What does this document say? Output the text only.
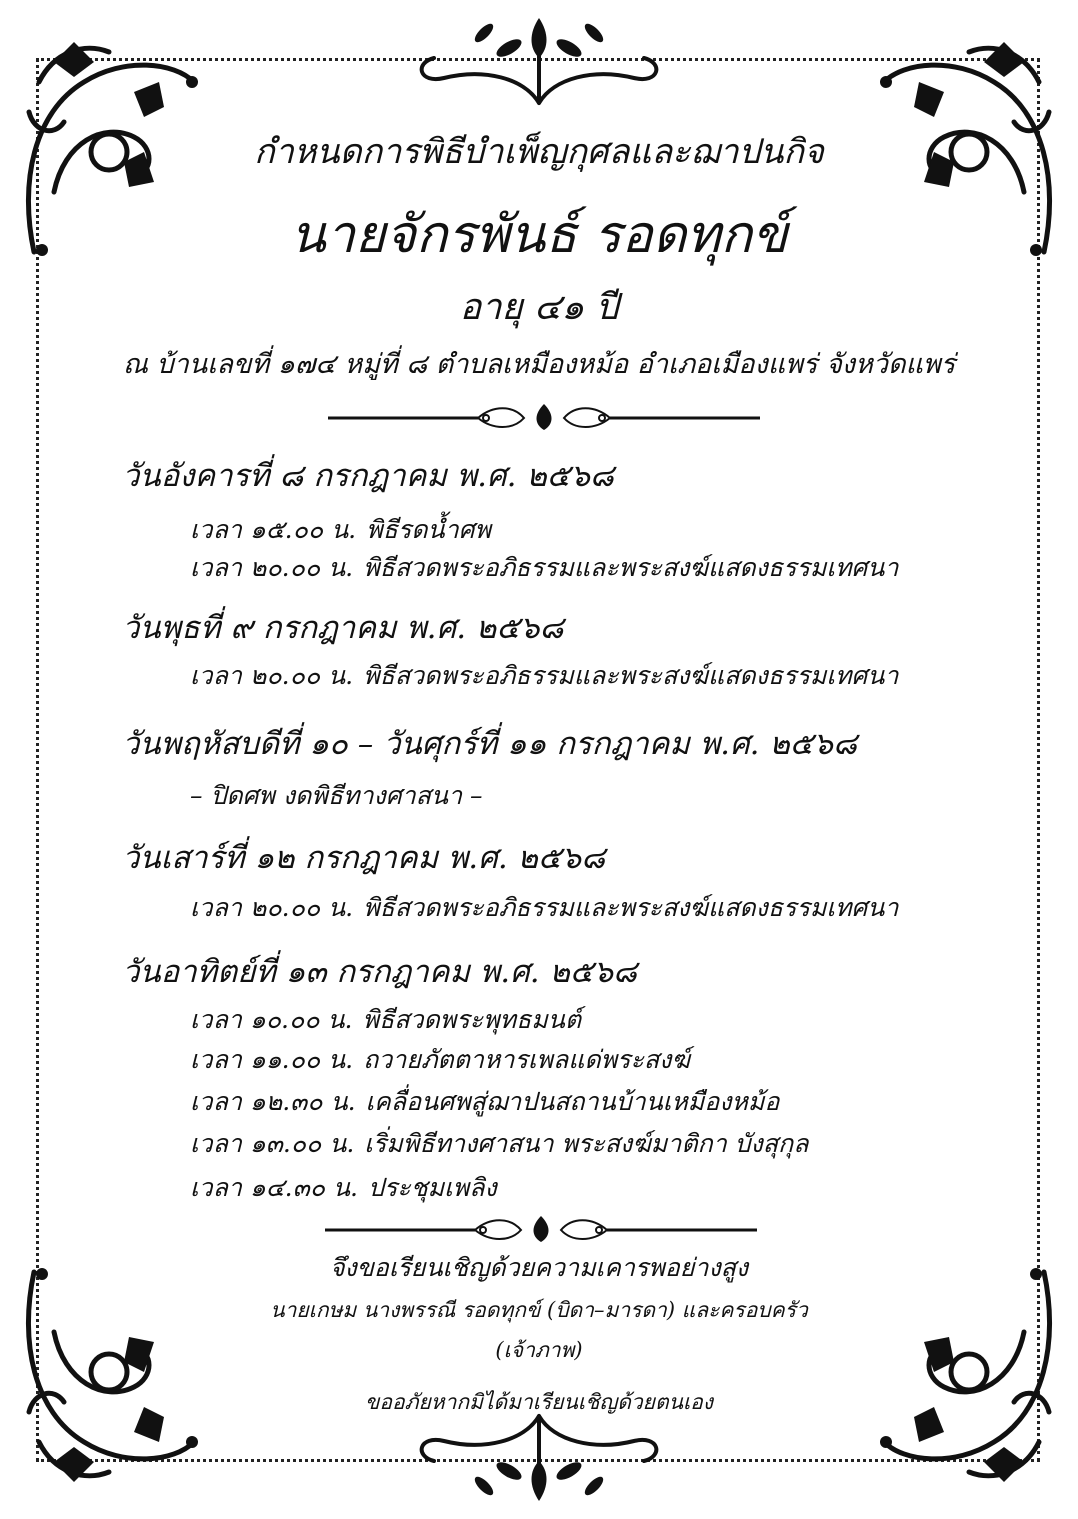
กำหนดการพิธีบำเพ็ญกุศลและฌาปนกิจ
นายจักรพันธ์ รอดทุกข์
อายุ ๔๑ ปี
ณ บ้านเลขที่ ๑๗๔ หมู่ที่ ๘ ตำบลเหมืองหม้อ อำเภอเมืองแพร่ จังหวัดแพร่
วันอังคารที่ ๘ กรกฎาคม พ.ศ. ๒๕๖๘
เวลา ๑๕.๐๐ น. พิธีรดน้ำศพ
เวลา ๒๐.๐๐ น. พิธีสวดพระอภิธรรมและพระสงฆ์แสดงธรรมเทศนา
วันพุธที่ ๙ กรกฎาคม พ.ศ. ๒๕๖๘
เวลา ๒๐.๐๐ น. พิธีสวดพระอภิธรรมและพระสงฆ์แสดงธรรมเทศนา
วันพฤหัสบดีที่ ๑๐ – วันศุกร์ที่ ๑๑ กรกฎาคม พ.ศ. ๒๕๖๘
– ปิดศพ งดพิธีทางศาสนา –
วันเสาร์ที่ ๑๒ กรกฎาคม พ.ศ. ๒๕๖๘
เวลา ๒๐.๐๐ น. พิธีสวดพระอภิธรรมและพระสงฆ์แสดงธรรมเทศนา
วันอาทิตย์ที่ ๑๓ กรกฎาคม พ.ศ. ๒๕๖๘
เวลา ๑๐.๐๐ น. พิธีสวดพระพุทธมนต์
เวลา ๑๑.๐๐ น. ถวายภัตตาหารเพลแด่พระสงฆ์
เวลา ๑๒.๓๐ น. เคลื่อนศพสู่ฌาปนสถานบ้านเหมืองหม้อ
เวลา ๑๓.๐๐ น. เริ่มพิธีทางศาสนา พระสงฆ์มาติกา บังสุกุล
เวลา ๑๔.๓๐ น. ประชุมเพลิง
จึงขอเรียนเชิญด้วยความเคารพอย่างสูง
นายเกษม นางพรรณี รอดทุกข์ (บิดา–มารดา) และครอบครัว
(เจ้าภาพ)
ขออภัยหากมิได้มาเรียนเชิญด้วยตนเอง
